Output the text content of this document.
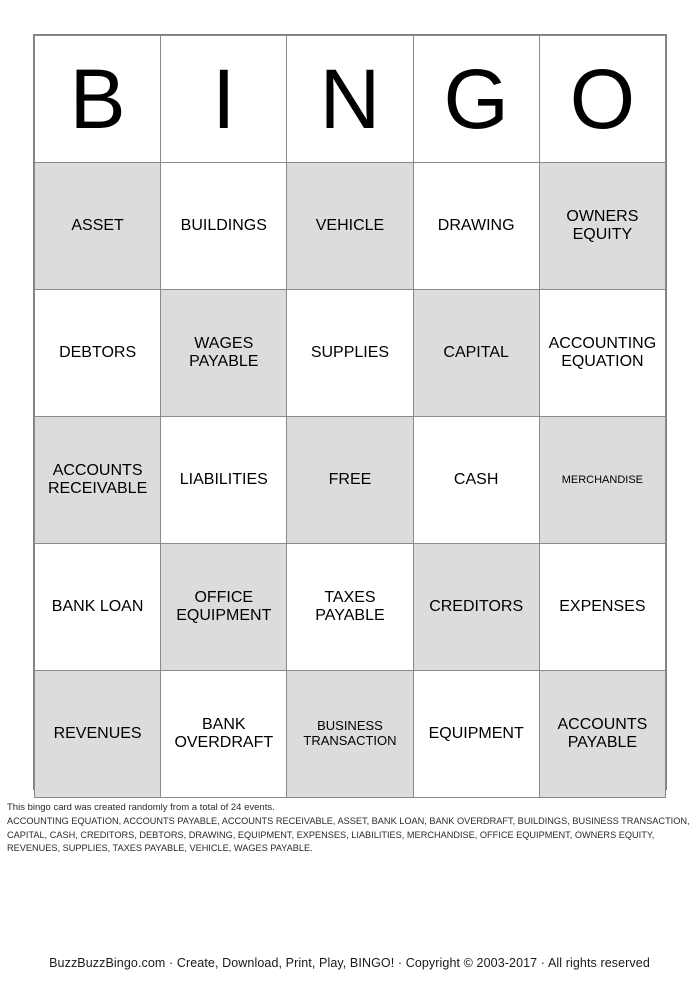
B	I	N	G	O

ASSET	BUILDINGS	VEHICLE	DRAWING	OWNERS EQUITY

DEBTORS	WAGES PAYABLE	SUPPLIES	CAPITAL	ACCOUNTING EQUATION

ACCOUNTS RECEIVABLE	LIABILITIES	FREE	CASH	MERCHANDISE

BANK LOAN	OFFICE EQUIPMENT	TAXES PAYABLE	CREDITORS	EXPENSES

REVENUES	BANK OVERDRAFT	BUSINESS TRANSACTION	EQUIPMENT	ACCOUNTS PAYABLE

This bingo card was created randomly from a total of 24 events.

ACCOUNTING EQUATION, ACCOUNTS PAYABLE, ACCOUNTS RECEIVABLE, ASSET, BANK LOAN, BANK OVERDRAFT, BUILDINGS, BUSINESS TRANSACTION, CAPITAL, CASH, CREDITORS, DEBTORS, DRAWING, EQUIPMENT, EXPENSES, LIABILITIES, MERCHANDISE, OFFICE EQUIPMENT, OWNERS EQUITY, REVENUES, SUPPLIES, TAXES PAYABLE, VEHICLE, WAGES PAYABLE.

BuzzBuzzBingo.com · Create, Download, Print, Play, BINGO! · Copyright © 2003-2017 · All rights reserved
